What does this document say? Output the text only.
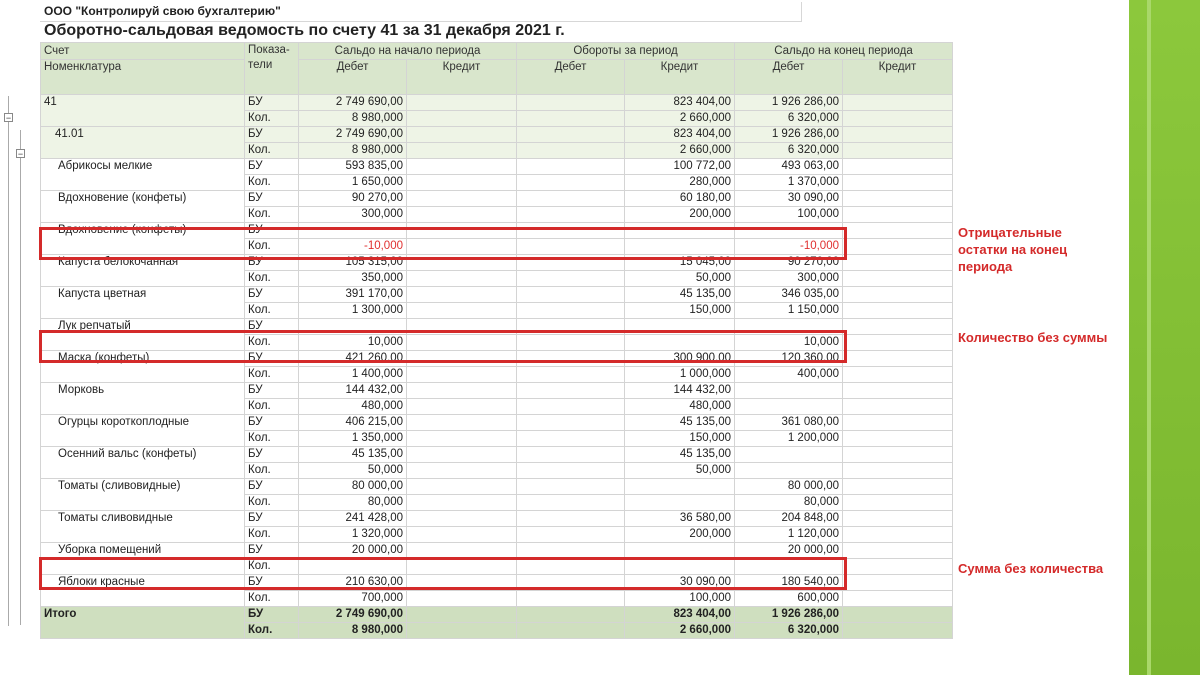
ООО "Контролируй свою бухгалтерию"
Оборотно-сальдовая ведомость по счету 41 за 31 декабря 2021 г.
−
−
Счет	Показа-
тели	Сальдо на начало периода		Обороты за период		Сальдо на конец периода	
Номенклатура		Дебет	Кредит	Дебет	Кредит	Дебет	Кредит
41	БУ	2 749 690,00			823 404,00	1 926 286,00	
	Кол.	8 980,000			2 660,000	6 320,000	
41.01	БУ	2 749 690,00			823 404,00	1 926 286,00	
	Кол.	8 980,000			2 660,000	6 320,000	
Абрикосы мелкие	БУ	593 835,00			100 772,00	493 063,00	
	Кол.	1 650,000			280,000	1 370,000	
Вдохновение (конфеты)	БУ	90 270,00			60 180,00	30 090,00	
	Кол.	300,000			200,000	100,000	
Вдохновение (конфеты)	БУ						
	Кол.	-10,000				-10,000	
Капуста белокочанная	БУ	105 315,00			15 045,00	90 270,00	
	Кол.	350,000			50,000	300,000	
Капуста цветная	БУ	391 170,00			45 135,00	346 035,00	
	Кол.	1 300,000			150,000	1 150,000	
Лук репчатый	БУ						
	Кол.	10,000				10,000	
Маска (конфеты)	БУ	421 260,00			300 900,00	120 360,00	
	Кол.	1 400,000			1 000,000	400,000	
Морковь	БУ	144 432,00			144 432,00		
	Кол.	480,000			480,000		
Огурцы короткоплодные	БУ	406 215,00			45 135,00	361 080,00	
	Кол.	1 350,000			150,000	1 200,000	
Осенний вальс (конфеты)	БУ	45 135,00			45 135,00		
	Кол.	50,000			50,000		
Томаты (сливовидные)	БУ	80 000,00				80 000,00	
	Кол.	80,000				80,000	
Томаты сливовидные	БУ	241 428,00			36 580,00	204 848,00	
	Кол.	1 320,000			200,000	1 120,000	
Уборка помещений	БУ	20 000,00				20 000,00	
	Кол.						
Яблоки красные	БУ	210 630,00			30 090,00	180 540,00	
	Кол.	700,000			100,000	600,000	
Итого	БУ	2 749 690,00			823 404,00	1 926 286,00	
	Кол.	8 980,000			2 660,000	6 320,000	
Отрицательные остатки на конец периода
Количество без суммы
Сумма без количества
